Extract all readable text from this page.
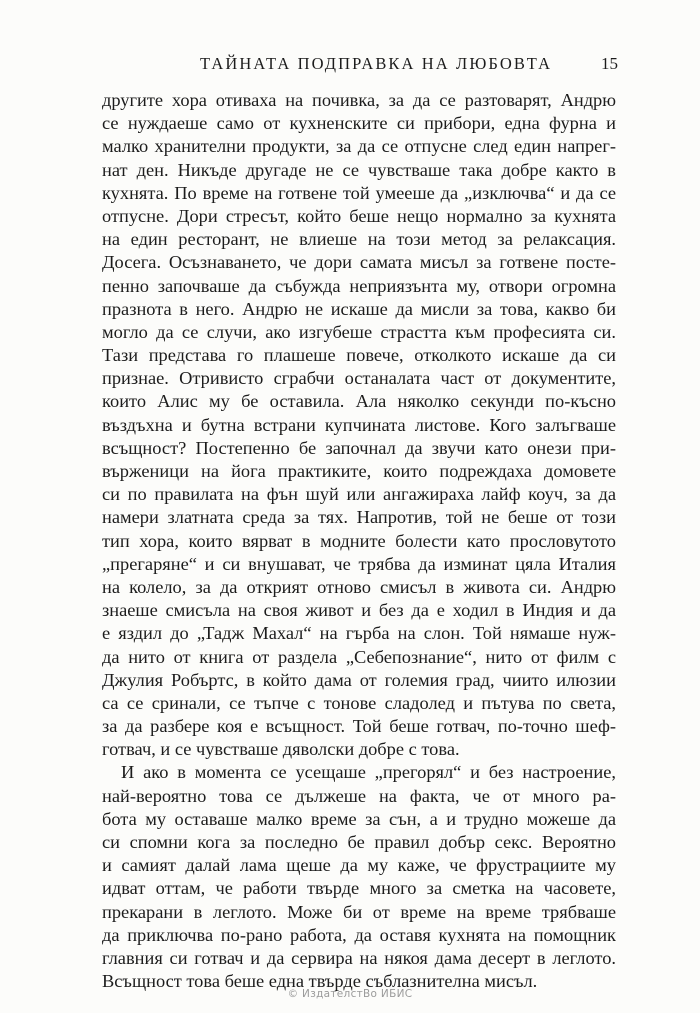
ТАЙНАТА ПОДПРАВКА НА ЛЮБОВТА	15
другите хора отиваха на почивка, за да се разтоварят, Андрю
се нуждаеше само от кухненските си прибори, една фурна и
малко хранителни продукти, за да се отпусне след един напрег-
нат ден. Никъде другаде не се чувстваше така добре както в
кухнята. По време на готвене той умееше да „изключва“ и да се
отпусне. Дори стресът, който беше нещо нормално за кухнята
на един ресторант, не влиеше на този метод за релаксация.
Досега. Осъзнаването, че дори самата мисъл за готвене посте-
пенно започваше да събужда неприязънта му, отвори огромна
празнота в него. Андрю не искаше да мисли за това, какво би
могло да се случи, ако изгубеше страстта към професията си.
Тази представа го плашеше повече, отколкото искаше да си
признае. Отривисто сграбчи останалата част от документите,
които Алис му бе оставила. Ала няколко секунди по-късно
въздъхна и бутна встрани купчината листове. Кого залъгваше
всъщност? Постепенно бе започнал да звучи като онези при-
върженици на йога практиките, които подреждаха домовете
си по правилата на фън шуй или ангажираха лайф коуч, за да
намери златната среда за тях. Напротив, той не беше от този
тип хора, които вярват в модните болести като прословутото
„прегаряне“ и си внушават, че трябва да изминат цяла Италия
на колело, за да открият отново смисъл в живота си. Андрю
знаеше смисъла на своя живот и без да е ходил в Индия и да
е яздил до „Тадж Махал“ на гърба на слон. Той нямаше нуж-
да нито от книга от раздела „Себепознание“, нито от филм с
Джулия Робъртс, в който дама от големия град, чиито илюзии
са се сринали, се тъпче с тонове сладолед и пътува по света,
за да разбере коя е всъщност. Той беше готвач, по-точно шеф-
готвач, и се чувстваше дяволски добре с това.
И ако в момента се усещаше „прегорял“ и без настроение,
най-вероятно това се дължеше на факта, че от много ра-
бота му оставаше малко време за сън, а и трудно можеше да
си спомни кога за последно бе правил добър секс. Вероятно
и самият далай лама щеше да му каже, че фрустрациите му
идват оттам, че работи твърде много за сметка на часовете,
прекарани в леглото. Може би от време на време трябваше
да приключва по-рано работа, да оставя кухнята на помощник
главния си готвач и да сервира на някоя дама десерт в леглото.
Всъщност това беше една твърде съблазнителна мисъл.
© ИздателстВо ИБИС
